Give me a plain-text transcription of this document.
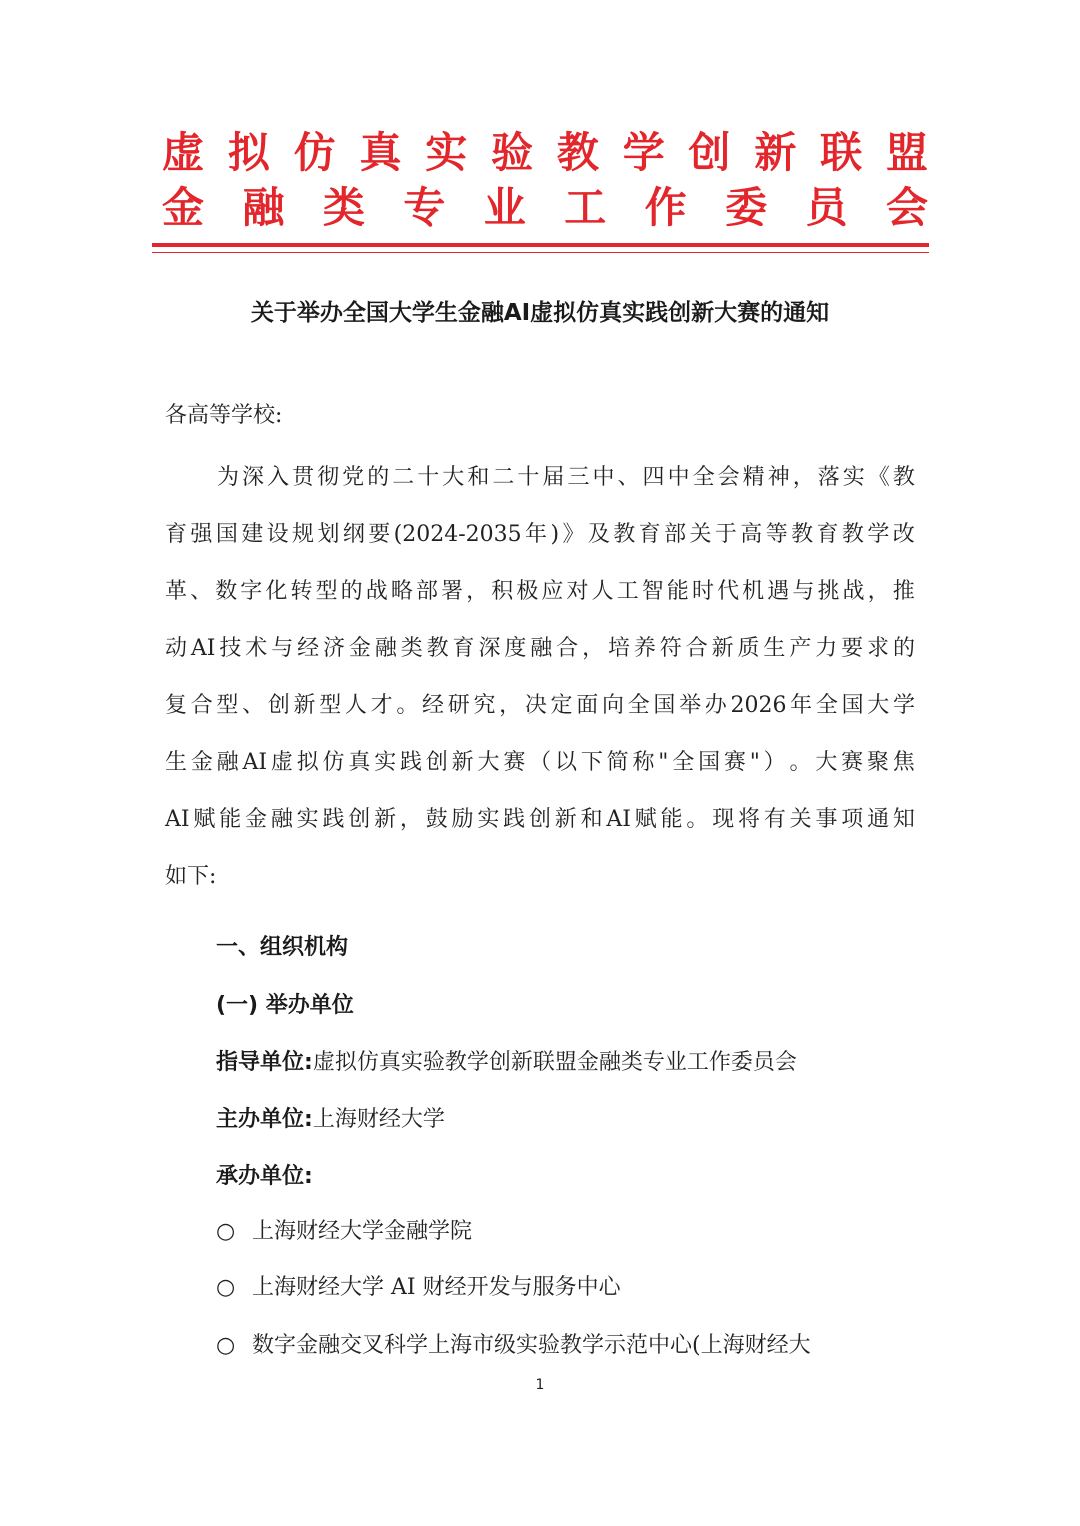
虚 拟 仿 真 实 验 教 学 创 新 联 盟
金 融 类 专 业 工 作 委 员 会
关于举办全国大学生金融AI虚拟仿真实践创新大赛的通知
各高等学校:
为 深 入 贯 彻 党 的 二 十 大 和 二 十 届 三 中 、 四 中 全 会 精 神 ， 落 实 《 教
育 强 国 建 设 规 划 纲 要 (2024-2035 年 ) 》 及 教 育 部 关 于 高 等 教 育 教 学 改
革 、 数 字 化 转 型 的 战 略 部 署 ， 积 极 应 对 人 工 智 能 时 代 机 遇 与 挑 战 ， 推
动 AI 技 术 与 经 济 金 融 类 教 育 深 度 融 合 ， 培 养 符 合 新 质 生 产 力 要 求 的
复 合 型 、 创 新 型 人 才 。 经 研 究 ， 决 定 面 向 全 国 举 办 2026 年 全 国 大 学
生 金 融 AI 虚 拟 仿 真 实 践 创 新 大 赛 （ 以 下 简 称 " 全 国 赛 " ） 。 大 赛 聚 焦
AI 赋 能 金 融 实 践 创 新 ， 鼓 励 实 践 创 新 和 AI 赋 能 。 现 将 有 关 事 项 通 知
如下:
一、组织机构
(一) 举办单位
指导单位:虚拟仿真实验教学创新联盟金融类专业工作委员会
主办单位:上海财经大学
承办单位:
○ 上海财经大学金融学院
○ 上海财经大学 AI 财经开发与服务中心
○ 数字金融交叉科学上海市级实验教学示范中心(上海财经大
1
